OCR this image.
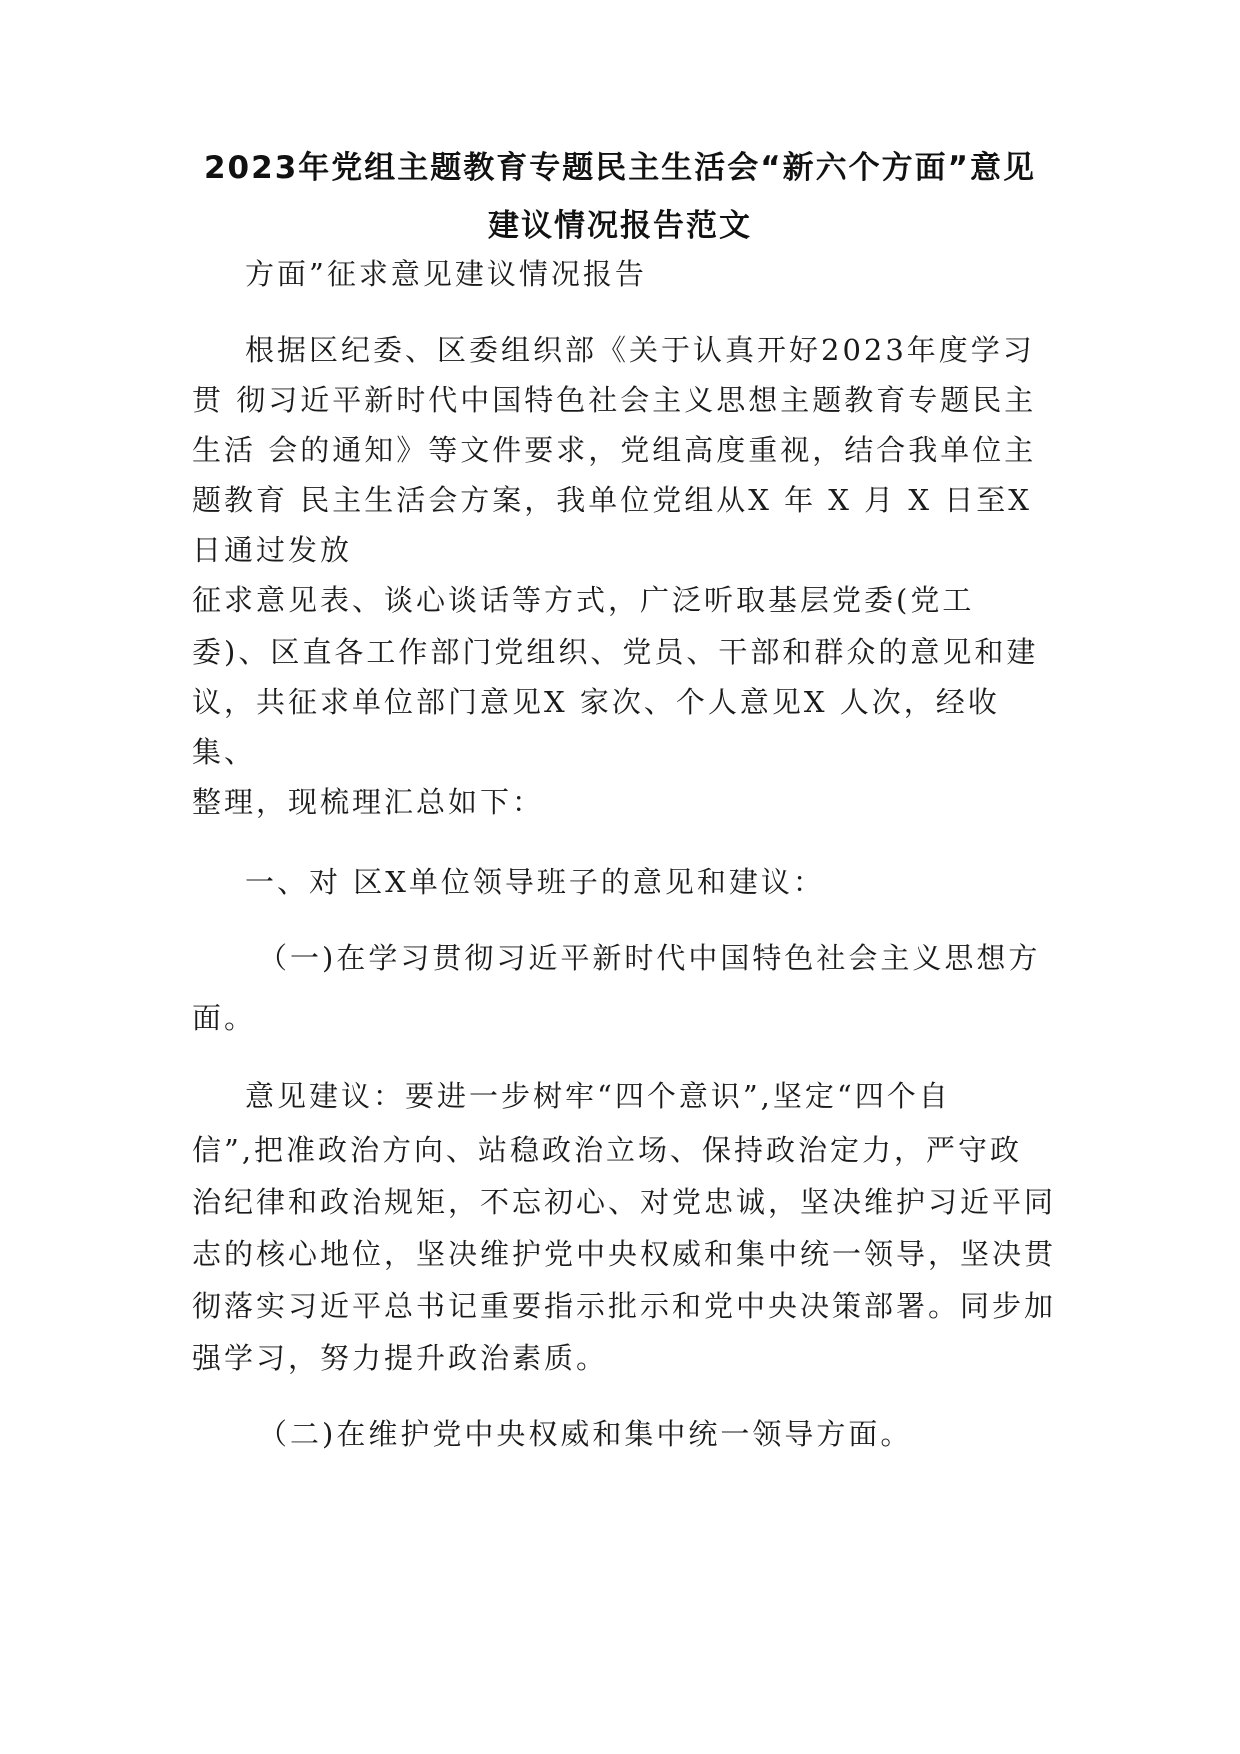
2023年党组主题教育专题民主生活会“新六个方面”意见
建议情况报告范文
方面”征求意见建议情况报告
根据区纪委、区委组织部《关于认真开好2023年度学习
贯 彻习近平新时代中国特色社会主义思想主题教育专题民主
生活 会的通知》等文件要求，党组高度重视，结合我单位主
题教育 民主生活会方案，我单位党组从X 年 X 月 X 日至X
日通过发放
征求意见表、谈心谈话等方式，广泛听取基层党委(党工
委)、区直各工作部门党组织、党员、干部和群众的意见和建
议，共征求单位部门意见X 家次、个人意见X 人次，经收
集、
整理，现梳理汇总如下：
一、对 区X单位领导班子的意见和建议：
（一)在学习贯彻习近平新时代中国特色社会主义思想方
面。
意见建议：要进一步树牢“四个意识”,坚定“四个自
信”,把准政治方向、站稳政治立场、保持政治定力，严守政
治纪律和政治规矩，不忘初心、对党忠诚，坚决维护习近平同
志的核心地位，坚决维护党中央权威和集中统一领导，坚决贯
彻落实习近平总书记重要指示批示和党中央决策部署。同步加
强学习，努力提升政治素质。
（二)在维护党中央权威和集中统一领导方面。
